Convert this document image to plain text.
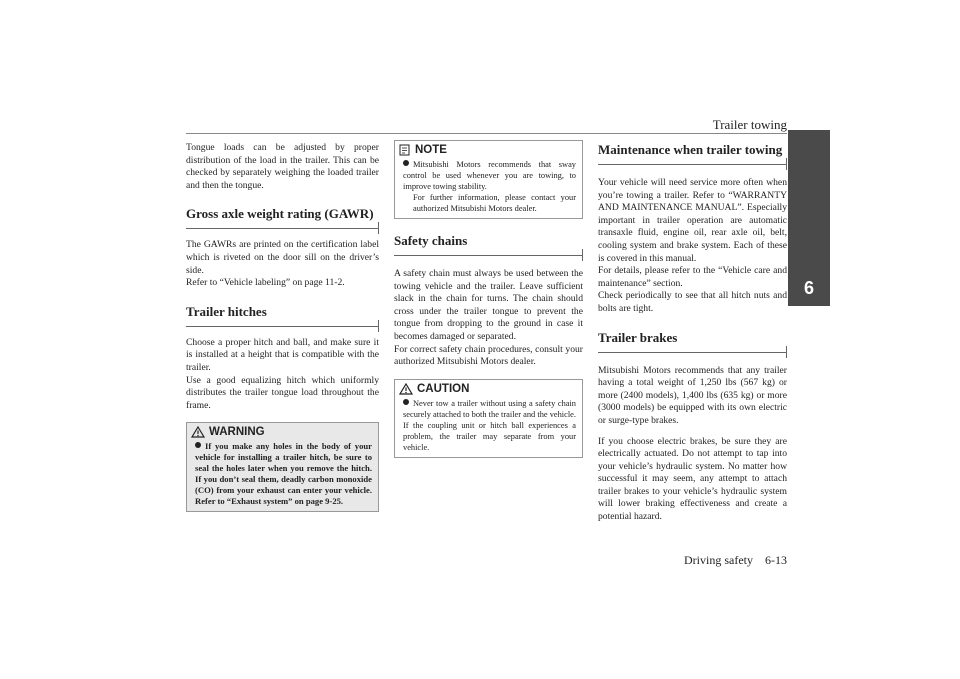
Trailer towing
6

Tongue loads can be adjusted by proper distribution of the load in the trailer. This can be checked by separately weighing the loaded trailer and then the tongue.

Gross axle weight rating (GAWR)

The GAWRs are printed on the certification label which is riveted on the door sill on the driver’s side.

Refer to “Vehicle labeling” on page 11-2.

Trailer hitches

Choose a proper hitch and ball, and make sure it is installed at a height that is compatible with the trailer.

Use a good equalizing hitch which uniformly distributes the trailer tongue load throughout the frame.

WARNING
If you make any holes in the body of your vehicle for installing a trailer hitch, be sure to seal the holes later when you remove the hitch. If you don’t seal them, deadly carbon monoxide (CO) from your exhaust can enter your vehicle. Refer to “Exhaust system” on page 9-25.
NOTE
Mitsubishi Motors recommends that sway control be used whenever you are towing, to improve towing stability.
For further information, please contact your authorized Mitsubishi Motors dealer.
Safety chains

A safety chain must always be used between the towing vehicle and the trailer. Leave sufficient slack in the chain for turns. The chain should cross under the trailer tongue to prevent the tongue from dropping to the ground in case it becomes damaged or separated.

For correct safety chain procedures, consult your authorized Mitsubishi Motors dealer.

CAUTION
Never tow a trailer without using a safety chain securely attached to both the trailer and the vehicle. If the coupling unit or hitch ball experiences a problem, the trailer may separate from your vehicle.
Maintenance when trailer towing

Your vehicle will need service more often when you’re towing a trailer. Refer to “WARRANTY AND MAINTENANCE MANUAL”. Especially important in trailer operation are automatic transaxle fluid, engine oil, rear axle oil, belt, cooling system and brake system. Each of these is covered in this manual.

For details, please refer to the “Vehicle care and maintenance” section.

Check periodically to see that all hitch nuts and bolts are tight.

Trailer brakes

Mitsubishi Motors recommends that any trailer having a total weight of 1,250 lbs (567 kg) or more (2400 models), 1,400 lbs (635 kg) or more (3000 models) be equipped with its own electric or surge-type brakes.

If you choose electric brakes, be sure they are electrically actuated. Do not attempt to tap into your vehicle’s hydraulic system. No matter how successful it may seem, any attempt to attach trailer brakes to your vehicle’s hydraulic system will lower braking effectiveness and create a potential hazard.

Driving safety    6-13
